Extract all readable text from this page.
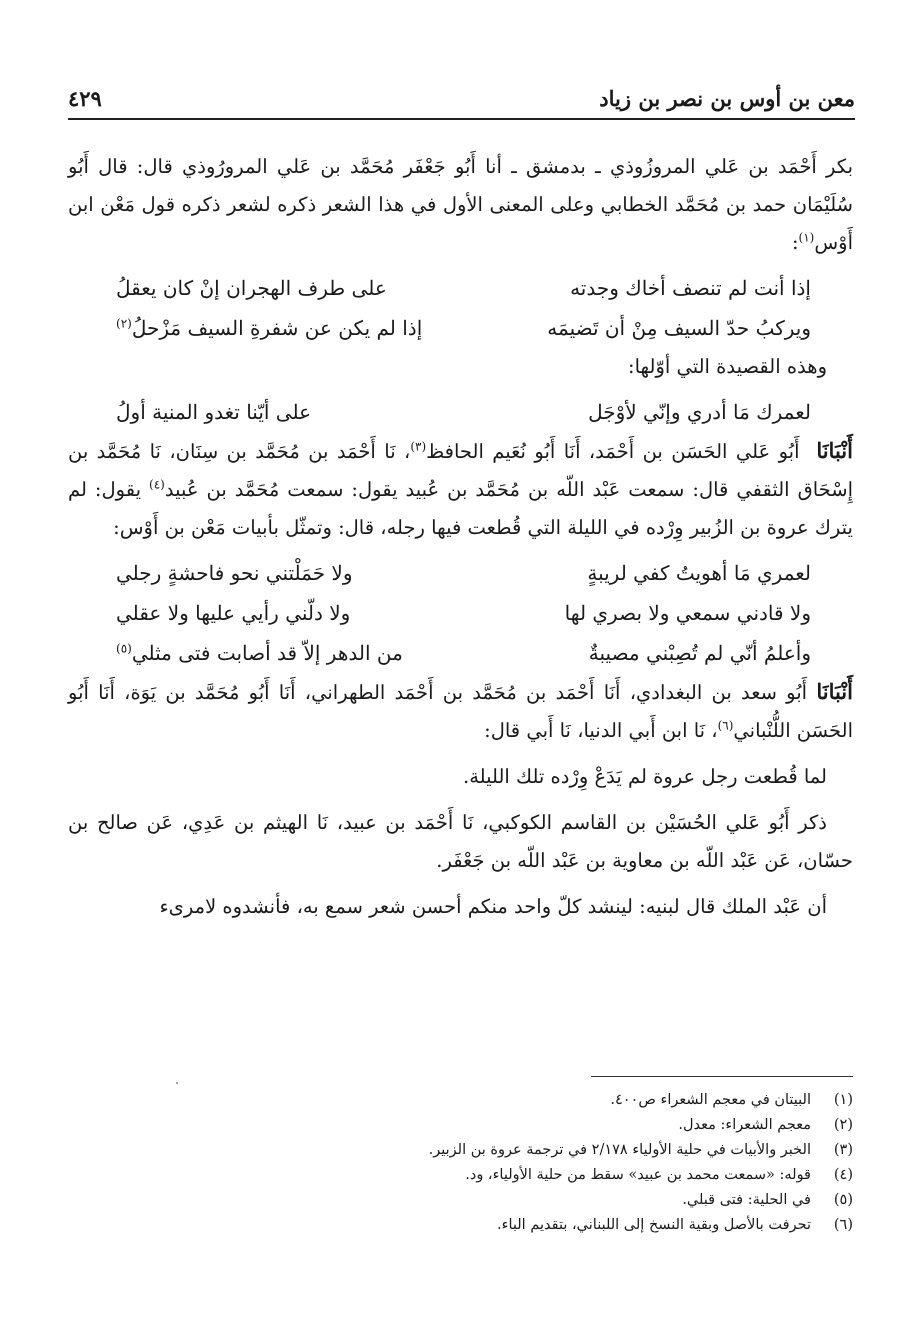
معن بن أوس بن نصر بن زياد
٤٢٩

بكر أَحْمَد بن عَلي المروزُوذي ـ بدمشق ـ أنا أَبُو جَعْفَر مُحَمَّد بن عَلي المرورُوذي قال: قال أَبُو سُلَيْمَان حمد بن مُحَمَّد الخطابي وعلى المعنى الأول في هذا الشعر ذكره لشعر ذكره قول مَعْن ابن أَوْس$^{(١)}$:

إذا أنت لم تنصف أخاك وجدته
على طرف الهجران إنْ كان يعقلُ
ويركبُ حدّ السيف مِنْ أن تَضيمَه
إذا لم يكن عن شفرةِ السيف مَزْحلُ$^{(٢)}$

وهذه القصيدة التي أوّلها:

لعمرك مَا أدري وإنّي لأوْجَل
على أيّنا تغدو المنية أولُ

أَنْبَانَا  أَبُو عَلي الحَسَن بن أَحْمَد، أَنَا أَبُو نُعَيم الحافظ$^{(٣)}$، نَا أَحْمَد بن مُحَمَّد بن سِنَان، نَا مُحَمَّد بن إِسْحَاق الثقفي قال: سمعت عَبْد اللّه بن مُحَمَّد بن عُبيد يقول: سمعت مُحَمَّد بن عُبيد$^{(٤)}$ يقول: لم يترك عروة بن الزُبير وِرْده في الليلة التي قُطعت فيها رجله، قال: وتمثّل بأبيات مَعْن بن أَوْس:

لعمري مَا أهويتُ كفي لريبةٍ
ولا حَمَلْتني نحو فاحشةٍ رجلي
ولا قادني سمعي ولا بصري لها
ولا دلّني رأيي عليها ولا عقلي
وأعلمُ أنّي لم تُصِبْني مصيبةٌ
من الدهر إلاّ قد أصابت فتى مثلي$^{(٥)}$

أَنْبَانَا أَبُو سعد بن البغدادي، أَنَا أَحْمَد بن مُحَمَّد بن أَحْمَد الطهراني، أَنَا أَبُو مُحَمَّد بن يَوَة، أَنَا أَبُو الحَسَن اللُّنْباني$^{(٦)}$، نَا ابن أَبي الدنيا، نَا أَبي قال:

لما قُطعت رجل عروة لم يَدَعْ وِرْده تلك الليلة.

ذكر أَبُو عَلي الحُسَيْن بن القاسم الكوكبي، نَا أَحْمَد بن عبيد، نَا الهيثم بن عَدِي، عَن صالح بن حسّان، عَن عَبْد اللّه بن معاوية بن عَبْد اللّه بن جَعْفَر.

أن عَبْد الملك قال لبنيه: لينشد كلّ واحد منكم أحسن شعر سمع به، فأنشدوه لامرىء

(١)
البيتان في معجم الشعراء ص٤٠٠.
(٢)
معجم الشعراء: معدل.
(٣)
الخبر والأبيات في حلية الأولياء ٢/١٧٨ في ترجمة عروة بن الزبير.
(٤)
قوله: «سمعت محمد بن عبيد» سقط من حلية الأولياء، ود.
(٥)
في الحلية: فتى قبلي.
(٦)
تحرفت بالأصل وبقية النسخ إلى اللبناني، بتقديم الباء.
